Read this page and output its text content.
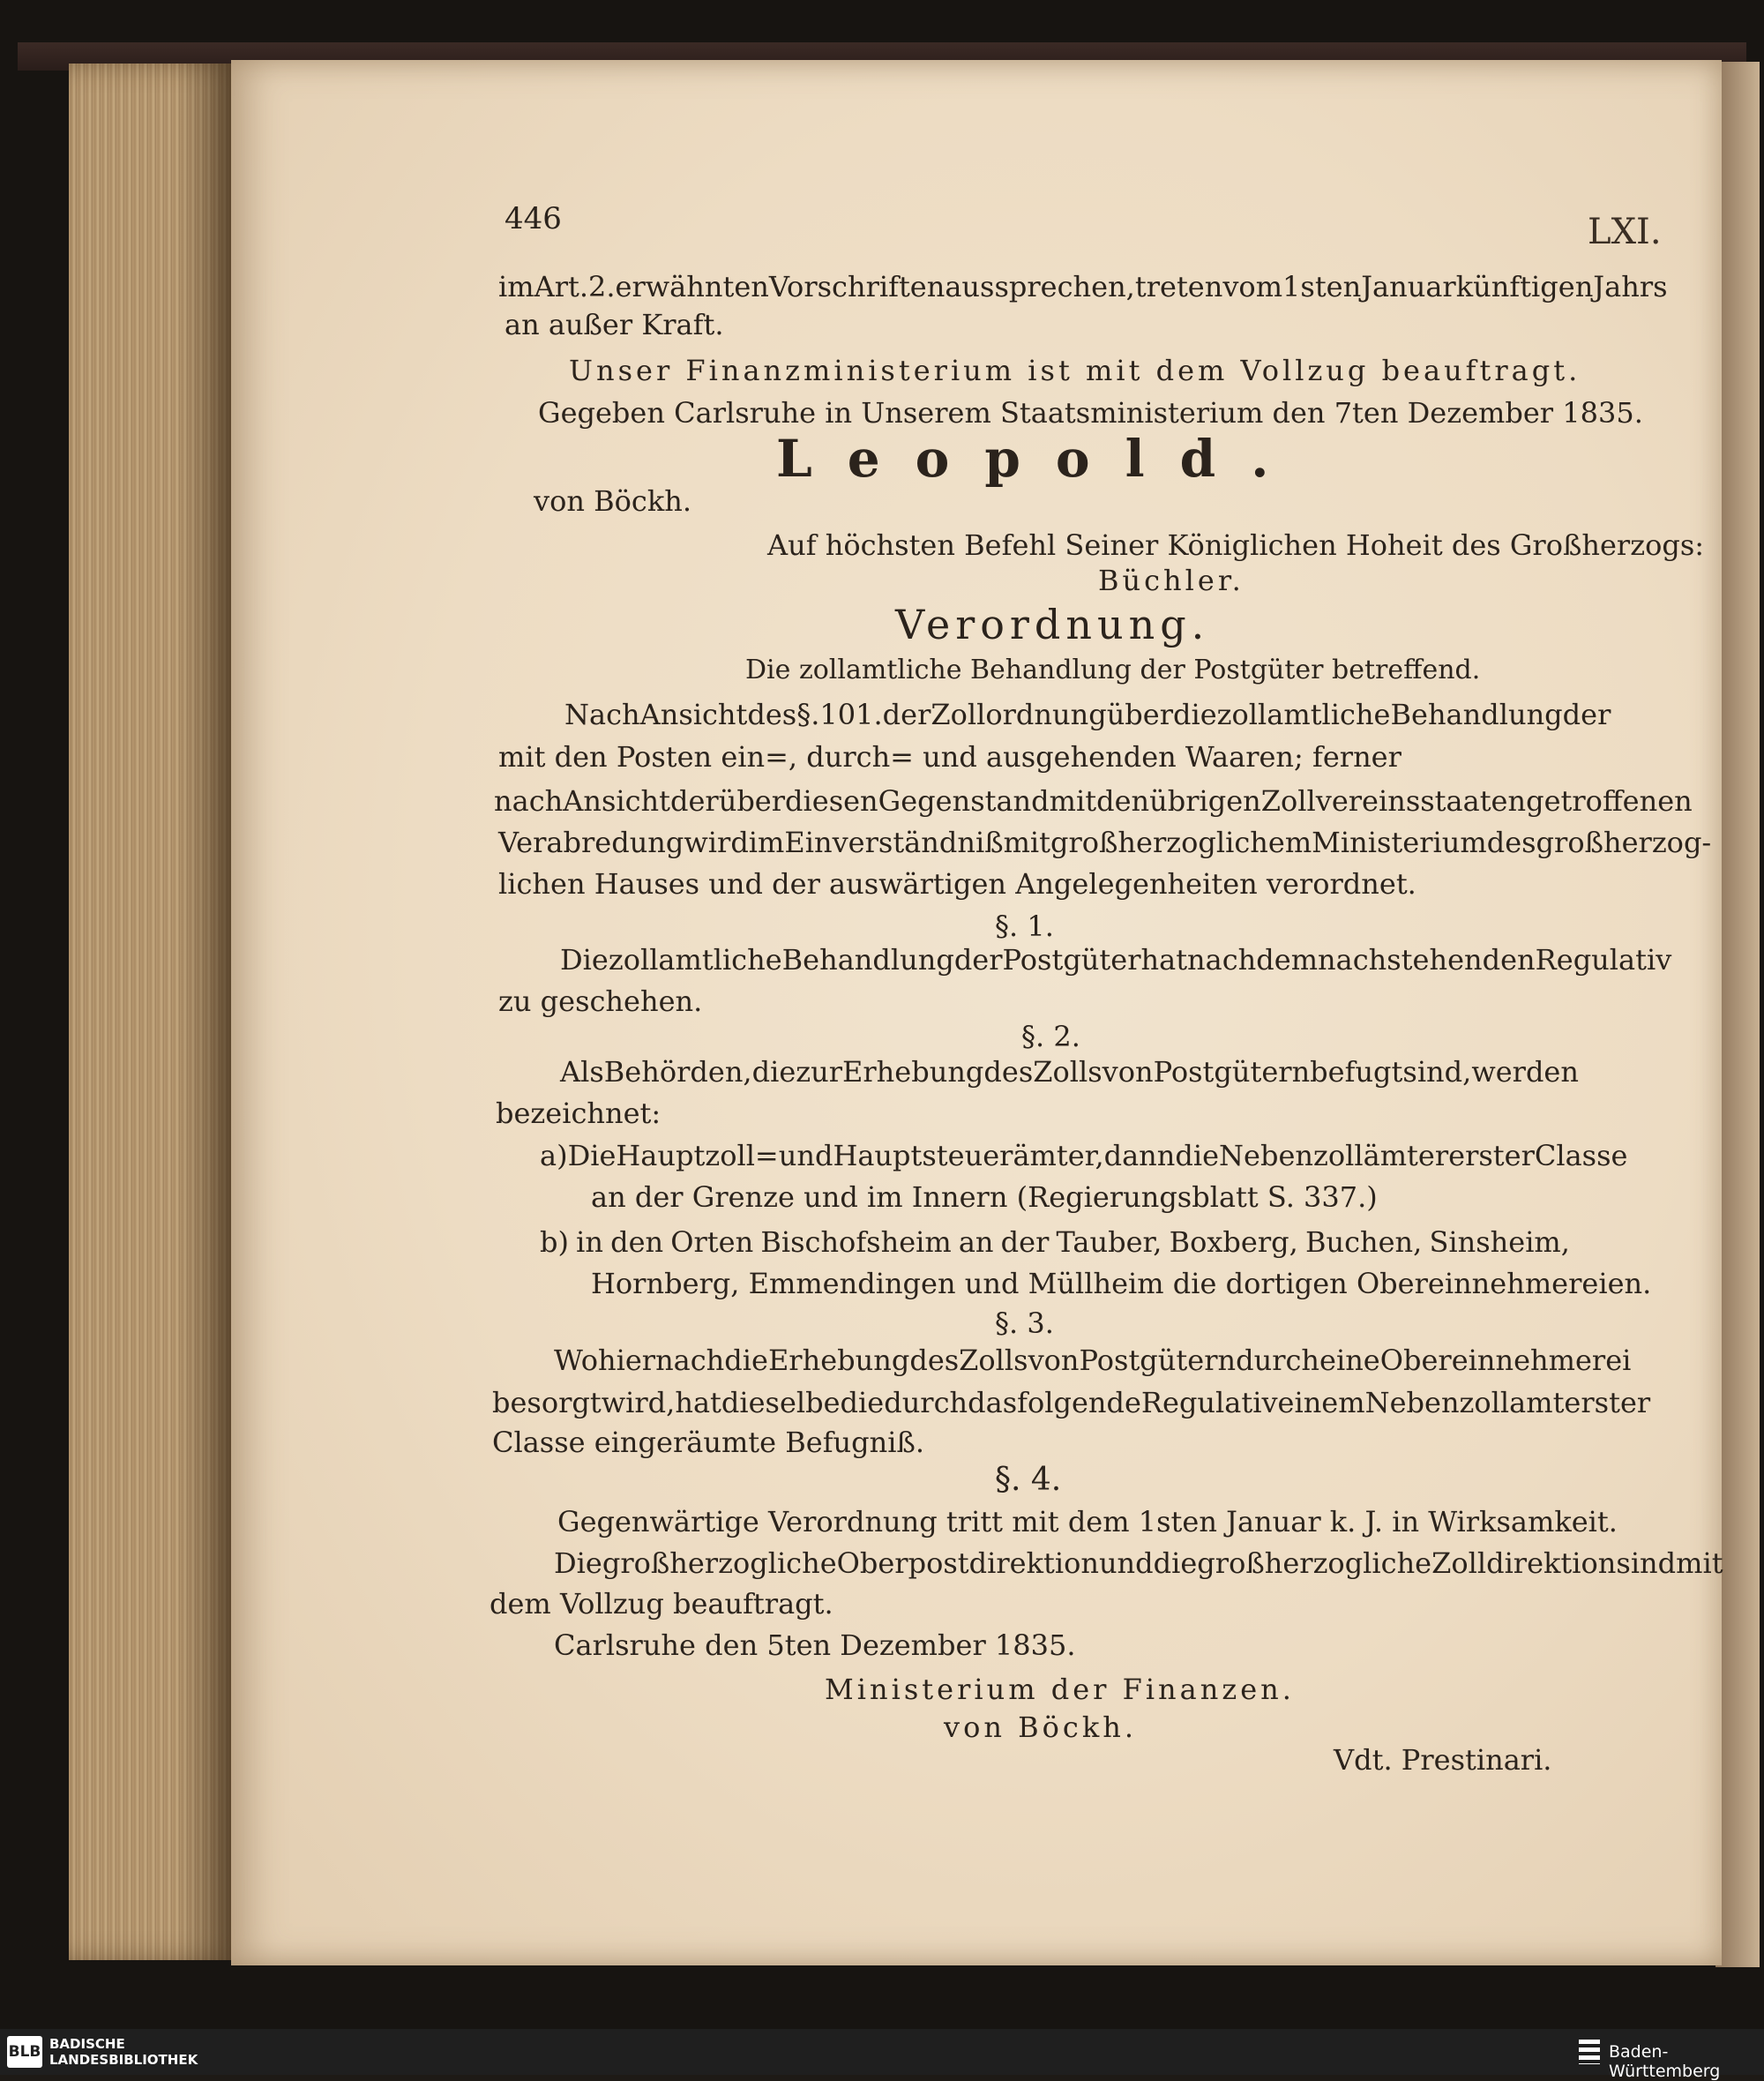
446	LXI.
im Art. 2. erwähnten Vorschriften aussprechen, treten vom 1sten Januar künftigen Jahrs
an außer Kraft.
Unser Finanzministerium ist mit dem Vollzug beauftragt.
Gegeben Carlsruhe in Unserem Staatsministerium den 7ten Dezember 1835.
Leopold.
von Böckh.
Auf höchsten Befehl Seiner Königlichen Hoheit des Großherzogs:
Büchler.
Verordnung.
Die zollamtliche Behandlung der Postgüter betreffend.
Nach Ansicht des §. 101. der Zollordnung über die zollamtliche Behandlung der
mit den Posten ein=, durch= und ausgehenden Waaren; ferner
nach Ansicht der über diesen Gegenstand mit den übrigen Zollvereinsstaaten getroffenen
Verabredung wird im Einverständniß mit großherzoglichem Ministerium des großherzog-
lichen Hauses und der auswärtigen Angelegenheiten verordnet.
§. 1.
Die zollamtliche Behandlung der Postgüter hat nach dem nachstehenden Regulativ
zu geschehen.
§. 2.
Als Behörden, die zur Erhebung des Zolls von Postgütern befugt sind, werden
bezeichnet:
a) Die Hauptzoll= und Hauptsteuerämter, dann die Nebenzollämter erster Classe
an der Grenze und im Innern (Regierungsblatt S. 337.)
b) in den Orten Bischofsheim an der Tauber, Boxberg, Buchen, Sinsheim,
Hornberg, Emmendingen und Müllheim die dortigen Obereinnehmereien.
§. 3.
Wo hiernach die Erhebung des Zolls von Postgütern durch eine Obereinnehmerei
besorgt wird, hat dieselbe die durch das folgende Regulativ einem Nebenzollamt erster
Classe eingeräumte Befugniß.
§. 4.
Gegenwärtige Verordnung tritt mit dem 1sten Januar k. J. in Wirksamkeit.
Die großherzogliche Oberpostdirektion und die großherzogliche Zolldirektion sind mit
dem Vollzug beauftragt.
Carlsruhe den 5ten Dezember 1835.
Ministerium der Finanzen.
von Böckh.
Vdt. Prestinari.
BLB BADISCHE
LANDESBIBLIOTHEK	Baden-Württemberg
